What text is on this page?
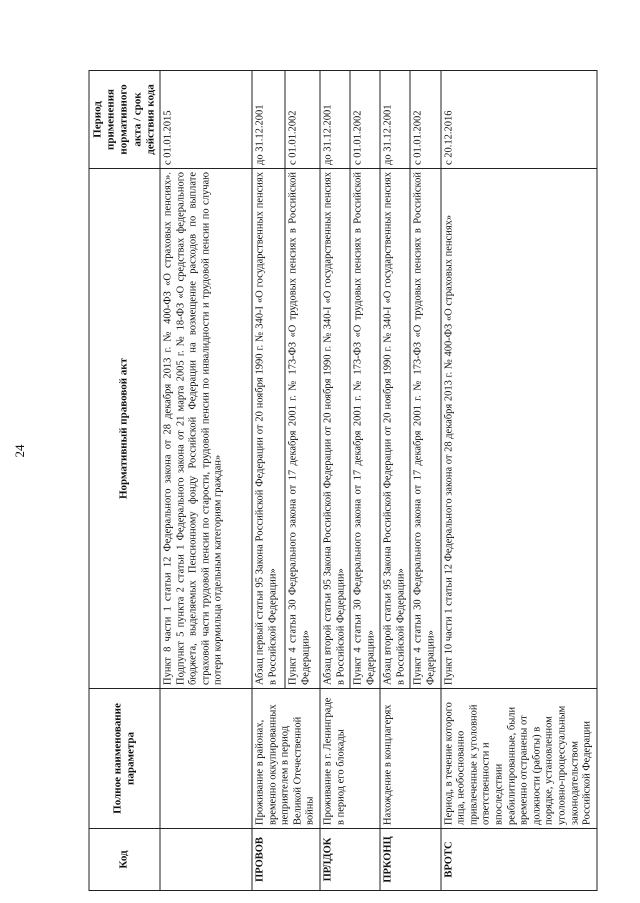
24
Код	Полное наименование параметра	Нормативный правовой акт	Период применения нормативного акта / срок действия кода

		Пункт 8 части 1 статьи 12 Федерального закона от 28 декабря 2013 г. № 400-ФЗ «О страховых пенсиях». Подпункт 5 пункта 2 статьи 1 Федерального закона от 21 марта 2005 г. № 18-ФЗ «О средствах федерального бюджета, выделяемых Пенсионному фонду Российской Федерации на возмещение расходов по выплате страховой части трудовой пенсии по старости, трудовой пенсии по инвалидности и трудовой пенсии по случаю потери кормильца отдельным категориям граждан»	с 01.01.2015
ПРОВОВ	Проживание в районах, временно оккупированных неприятелем в период Великой Отечественной войны	Абзац первый статьи 95 Закона Российской Федерации от 20 ноября 1990 г. № 340-I «О государственных пенсиях в Российской Федерации»	до 31.12.2001

		Пункт 4 статьи 30 Федерального закона от 17 декабря 2001 г. № 173-ФЗ «О трудовых пенсиях в Российской Федерации»	с 01.01.2002
ПРЛДОК	Проживание в г. Ленинграде в период его блокады	Абзац второй статьи 95 Закона Российской Федерации от 20 ноября 1990 г. № 340-I «О государственных пенсиях в Российской Федерации»	до 31.12.2001

		Пункт 4 статьи 30 Федерального закона от 17 декабря 2001 г. № 173-ФЗ «О трудовых пенсиях в Российской Федерации»	с 01.01.2002
ПРКОНЦ	Нахождение в концлагерях	Абзац второй статьи 95 Закона Российской Федерации от 20 ноября 1990 г. № 340-I «О государственных пенсиях в Российской Федерации»	до 31.12.2001

		Пункт 4 статьи 30 Федерального закона от 17 декабря 2001 г. № 173-ФЗ «О трудовых пенсиях в Российской Федерации»	с 01.01.2002
ВРОТС	Период, в течение которого лица, необоснованно привлеченные к уголовной ответственности и впоследствии реабилитированные, были временно отстранены от должности (работы) в порядке, установленном уголовно-процессуальным законодательством Российской Федерации	Пункт 10 части 1 статьи 12 Федерального закона от 28 декабря 2013 г. № 400-ФЗ «О страховых пенсиях»	с 20.12.2016
